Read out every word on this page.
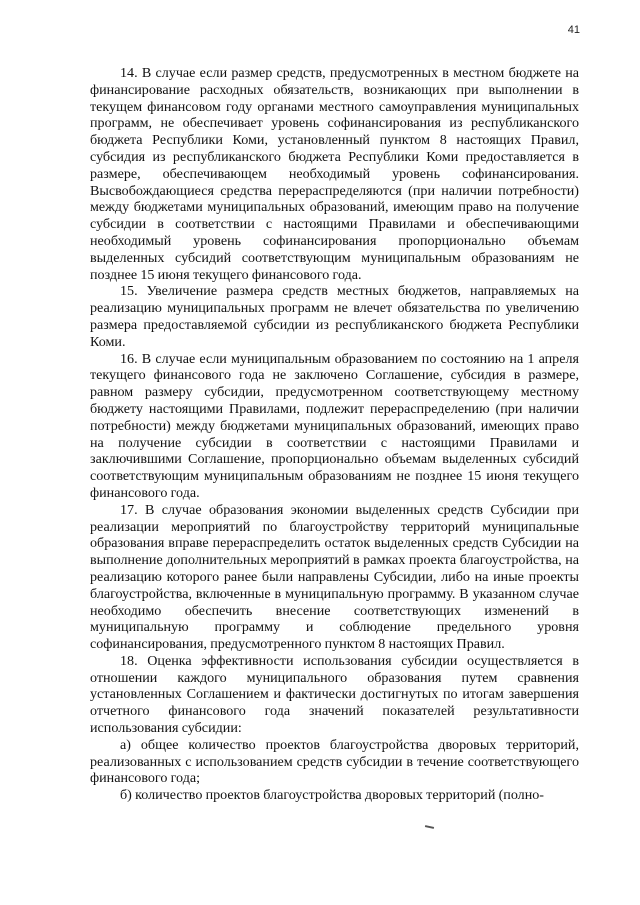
41

14. В случае если размер средств, предусмотренных в местном бюджете на финансирование расходных обязательств, возникающих при выполнении в текущем финансовом году органами местного самоуправления муниципальных программ, не обеспечивает уровень софинансирования из республиканского бюджета Республики Коми, установленный пунктом 8 настоящих Правил, субсидия из республиканского бюджета Республики Коми предоставляется в размере, обеспечивающем необходимый уровень софинансирования. Высвобождающиеся средства перераспределяются (при наличии потребности) между бюджетами муниципальных образований, имеющим право на получение субсидии в соответствии с настоящими Правилами и обеспечивающими необходимый уровень софинансирования пропорционально объемам выделенных субсидий соответствующим муниципальным образованиям не позднее 15 июня текущего финансового года.

15. Увеличение размера средств местных бюджетов, направляемых на реализацию муниципальных программ не влечет обязательства по увеличению размера предоставляемой субсидии из республиканского бюджета Республики Коми.

16. В случае если муниципальным образованием по состоянию на 1 апреля текущего финансового года не заключено Соглашение, субсидия в размере, равном размеру субсидии, предусмотренном соответствующему местному бюджету настоящими Правилами, подлежит перераспределению (при наличии потребности) между бюджетами муниципальных образований, имеющих право на получение субсидии в соответствии с настоящими Правилами и заключившими Соглашение, пропорционально объемам выделенных субсидий соответствующим муниципальным образованиям не позднее 15 июня текущего финансового года.

17. В случае образования экономии выделенных средств Субсидии при реализации мероприятий по благоустройству территорий муниципальные образования вправе перераспределить остаток выделенных средств Субсидии на выполнение дополнительных мероприятий в рамках проекта благоустройства, на реализацию которого ранее были направлены Субсидии, либо на иные проекты благоустройства, включенные в муниципальную программу. В указанном случае необходимо обеспечить внесение соответствующих изменений в муниципальную программу и соблюдение предельного уровня софинансирования, предусмотренного пунктом 8 настоящих Правил.

18. Оценка эффективности использования субсидии осуществляется в отношении каждого муниципального образования путем сравнения установленных Соглашением и фактически достигнутых по итогам завершения отчетного финансового года значений показателей результативности использования субсидии:

а) общее количество проектов благоустройства дворовых территорий, реализованных с использованием средств субсидии в течение соответствующего финансового года;

б) количество проектов благоустройства дворовых территорий (полно-
